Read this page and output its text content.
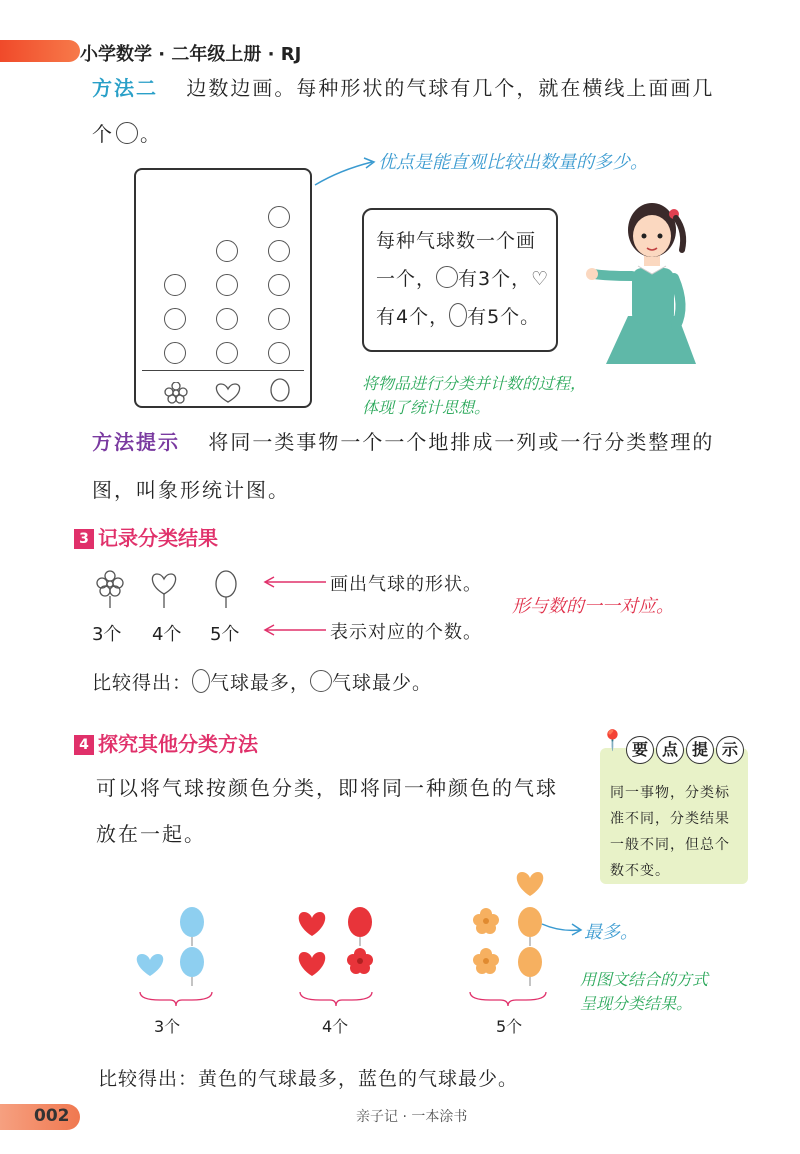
小学数学 · 二年级上册 · RJ
方法二 边数边画。每种形状的气球有几个，就在横线上面画几
个 。
优点是能直观比较出数量的多少。
每种气球数一个画
一个， 有3个，♡
有4个， 有5个。
将物品进行分类并计数的过程，
体现了统计思想。
方法提示 将同一类事物一个一个地排成一列或一行分类整理的
图，叫象形统计图。
3 记录分类结果
画出气球的形状。
形与数的一一对应。
3个 4个 5个	表示对应的个数。
比较得出： 气球最多， 气球最少。
4 探究其他分类方法
可以将气球按颜色分类，即将同一种颜色的气球
放在一起。
📍 要 点 提 示
同一事物，分类标准不同，分类结果一般不同，但总个数不变。
最多。
用图文结合的方式
呈现分类结果。
3个	4个	5个
比较得出：黄色的气球最多，蓝色的气球最少。
002	亲子记 · 一本涂书
